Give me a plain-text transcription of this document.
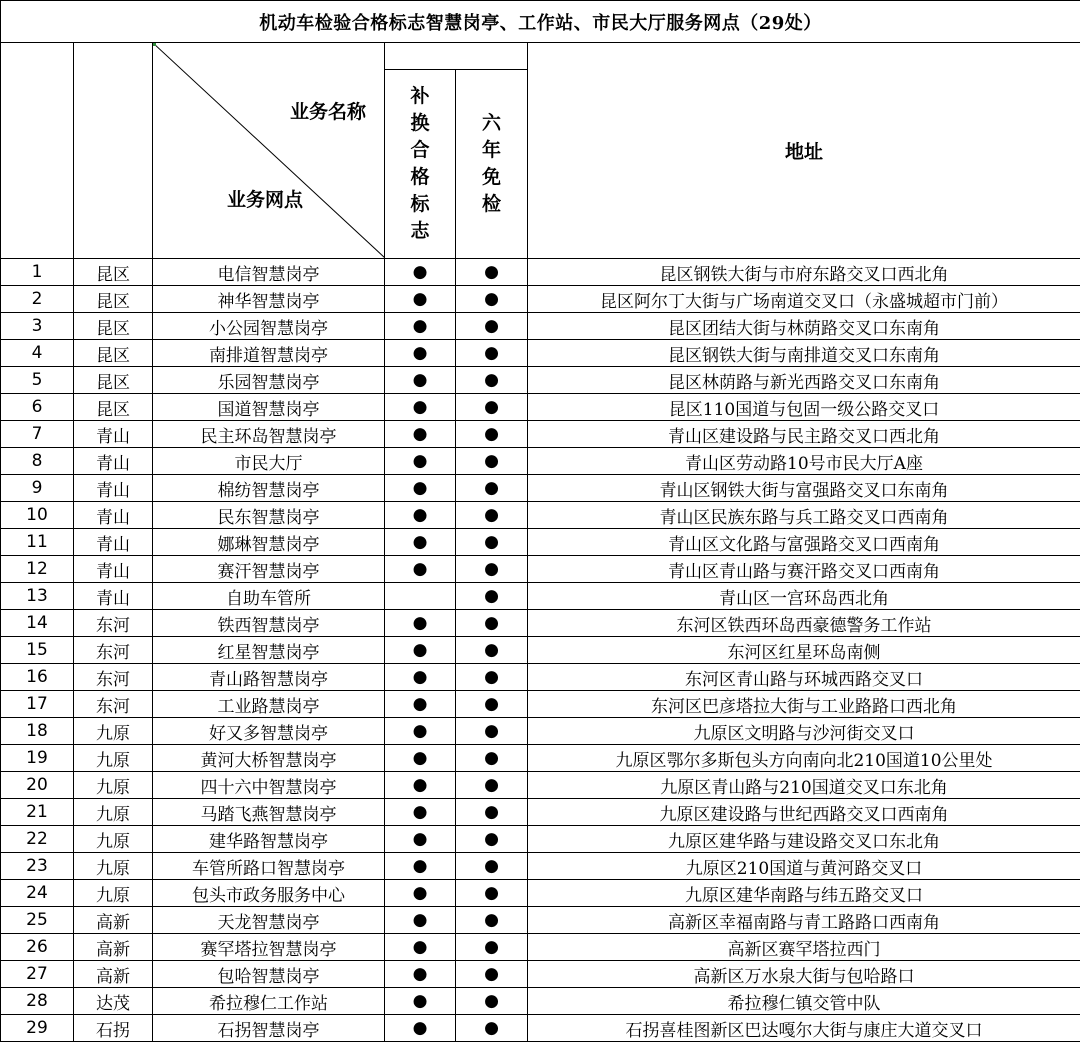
机动车检验合格标志智慧岗亭、工作站、市民大厅服务网点（29处）					

		业务名称
业务网点			地址

			补换合格标志	六年免检	

1	昆区	电信智慧岗亭	●	●	昆区钢铁大街与市府东路交叉口西北角
2	昆区	神华智慧岗亭	●	●	昆区阿尔丁大街与广场南道交叉口（永盛城超市门前）
3	昆区	小公园智慧岗亭	●	●	昆区团结大街与林荫路交叉口东南角
4	昆区	南排道智慧岗亭	●	●	昆区钢铁大街与南排道交叉口东南角
5	昆区	乐园智慧岗亭	●	●	昆区林荫路与新光西路交叉口东南角
6	昆区	国道智慧岗亭	●	●	昆区110国道与包固一级公路交叉口
7	青山	民主环岛智慧岗亭	●	●	青山区建设路与民主路交叉口西北角
8	青山	市民大厅	●	●	青山区劳动路10号市民大厅A座
9	青山	棉纺智慧岗亭	●	●	青山区钢铁大街与富强路交叉口东南角
10	青山	民东智慧岗亭	●	●	青山区民族东路与兵工路交叉口西南角
11	青山	娜琳智慧岗亭	●	●	青山区文化路与富强路交叉口西南角
12	青山	赛汗智慧岗亭	●	●	青山区青山路与赛汗路交叉口西南角
13	青山	自助车管所		●	青山区一宫环岛西北角
14	东河	铁西智慧岗亭	●	●	东河区铁西环岛西豪德警务工作站
15	东河	红星智慧岗亭	●	●	东河区红星环岛南侧
16	东河	青山路智慧岗亭	●	●	东河区青山路与环城西路交叉口
17	东河	工业路慧岗亭	●	●	东河区巴彦塔拉大街与工业路路口西北角
18	九原	好又多智慧岗亭	●	●	九原区文明路与沙河街交叉口
19	九原	黄河大桥智慧岗亭	●	●	九原区鄂尔多斯包头方向南向北210国道10公里处
20	九原	四十六中智慧岗亭	●	●	九原区青山路与210国道交叉口东北角
21	九原	马踏飞燕智慧岗亭	●	●	九原区建设路与世纪西路交叉口西南角
22	九原	建华路智慧岗亭	●	●	九原区建华路与建设路交叉口东北角
23	九原	车管所路口智慧岗亭	●	●	九原区210国道与黄河路交叉口
24	九原	包头市政务服务中心	●	●	九原区建华南路与纬五路交叉口
25	高新	天龙智慧岗亭	●	●	高新区幸福南路与青工路路口西南角
26	高新	赛罕塔拉智慧岗亭	●	●	高新区赛罕塔拉西门
27	高新	包哈智慧岗亭	●	●	高新区万水泉大街与包哈路口
28	达茂	希拉穆仁工作站	●	●	希拉穆仁镇交管中队
29	石拐	石拐智慧岗亭	●	●	石拐喜桂图新区巴达嘎尔大街与康庄大道交叉口
